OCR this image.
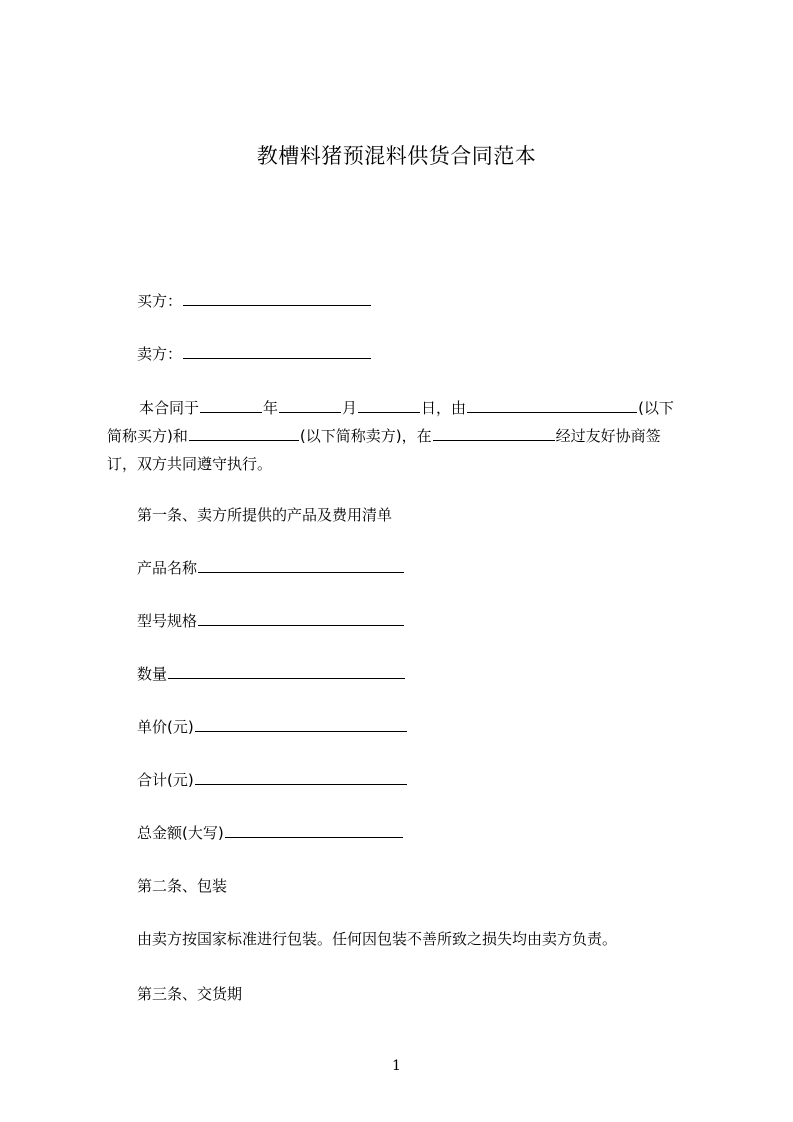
教槽料猪预混料供货合同范本
买方：
卖方：
本合同于	年	月	日，由	(以下
简称买方)和	(以下简称卖方)，在	经过友好协商签
订，双方共同遵守执行。
第一条、卖方所提供的产品及费用清单
产品名称
型号规格
数量
单价(元)
合计(元)
总金额(大写)
第二条、包装
由卖方按国家标准进行包装。任何因包装不善所致之损失均由卖方负责。
第三条、交货期
1
